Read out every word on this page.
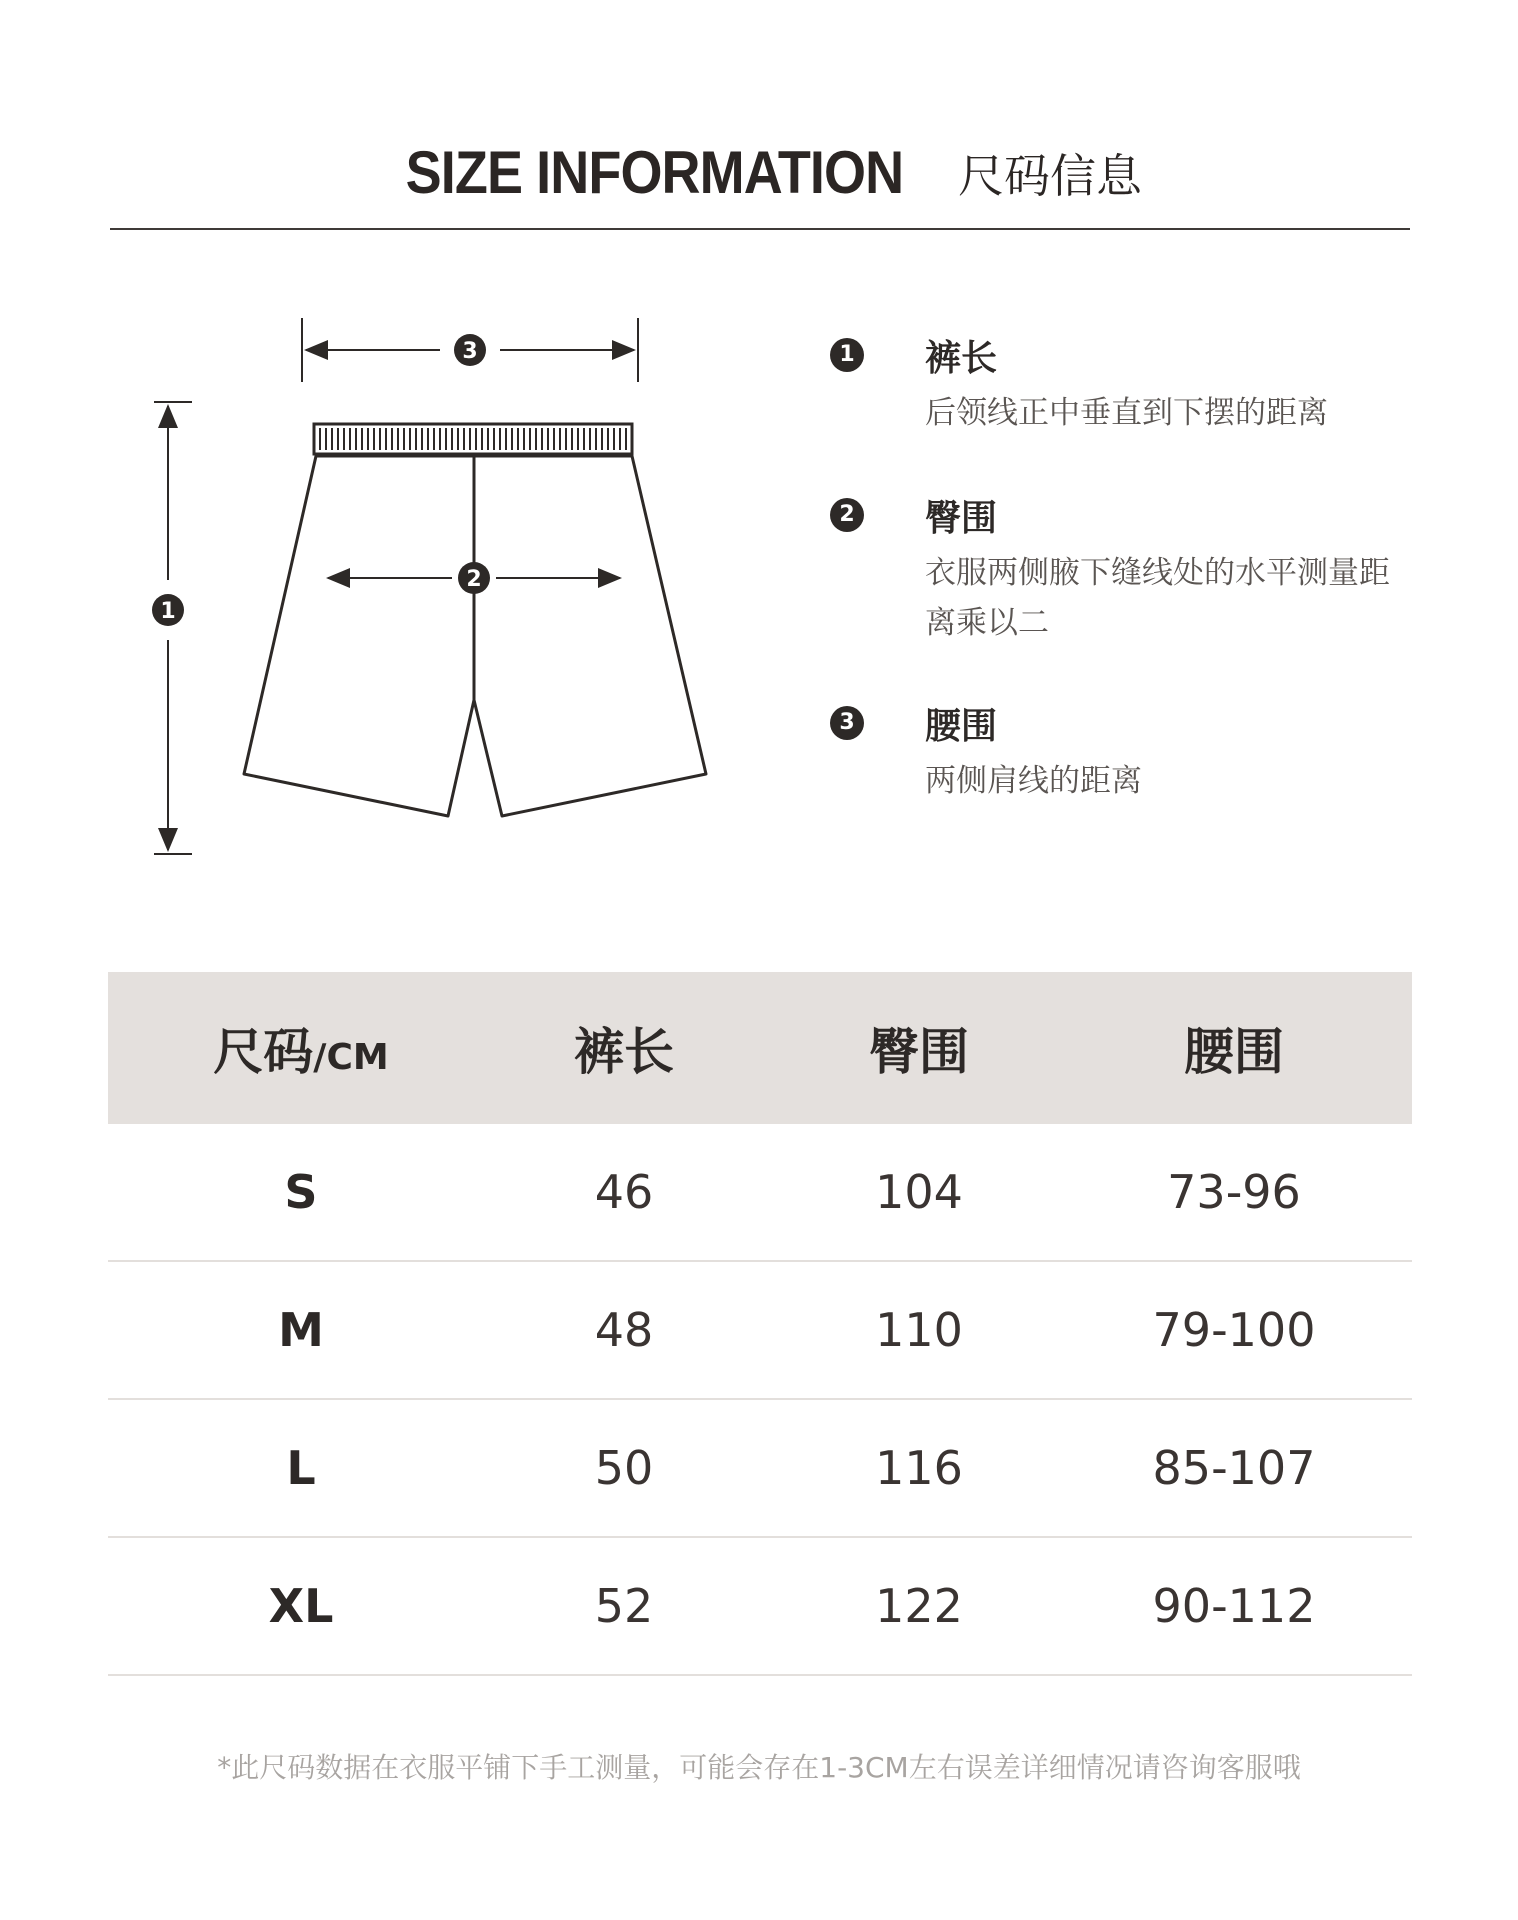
SIZE INFORMATION 尺码信息
3
1
2
1 裤长
后领线正中垂直到下摆的距离
2 臀围
衣服两侧腋下缝线处的水平测量距离乘以二
3 腰围
两侧肩线的距离
尺码/CM	裤长	臀围	腰围
S	46	104	73-96
M	48	110	79-100
L	50	116	85-107
XL	52	122	90-112
*此尺码数据在衣服平铺下手工测量，可能会存在1-3CM左右误差详细情况请咨询客服哦
